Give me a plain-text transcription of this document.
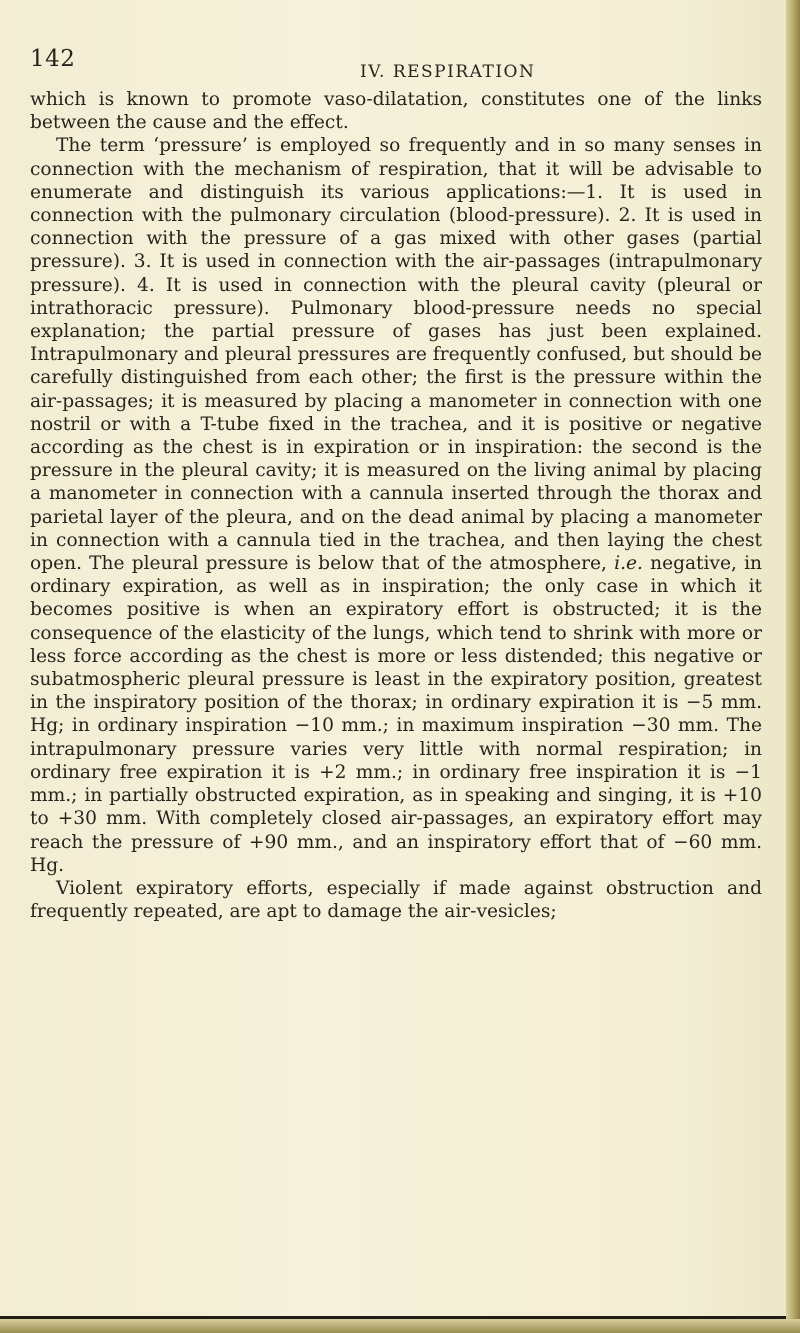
142	IV. RESPIRATION

which is known to promote vaso-dilatation, constitutes one of the links between the cause and the effect.

The term ‘pressure’ is employed so frequently and in so many senses in connection with the mechanism of respiration, that it will be advisable to enumerate and distinguish its various applications:—1. It is used in connection with the pulmonary circulation (blood-pressure). 2. It is used in connection with the pressure of a gas mixed with other gases (partial pressure). 3. It is used in connection with the air-passages (intrapulmonary pressure). 4. It is used in connection with the pleural cavity (pleural or intrathoracic pressure). Pulmonary blood-pressure needs no special explanation; the partial pressure of gases has just been explained. Intrapulmonary and pleural pressures are frequently confused, but should be carefully distinguished from each other; the first is the pressure within the air-passages; it is measured by placing a manometer in connection with one nostril or with a T-tube fixed in the trachea, and it is positive or negative according as the chest is in expiration or in inspiration: the second is the pressure in the pleural cavity; it is measured on the living animal by placing a manometer in connection with a cannula inserted through the thorax and parietal layer of the pleura, and on the dead animal by placing a manometer in connection with a cannula tied in the trachea, and then laying the chest open. The pleural pressure is below that of the atmosphere, i.e. negative, in ordinary expiration, as well as in inspiration; the only case in which it becomes positive is when an expiratory effort is obstructed; it is the consequence of the elasticity of the lungs, which tend to shrink with more or less force according as the chest is more or less distended; this negative or subatmospheric pleural pressure is least in the expiratory position, greatest in the inspiratory position of the thorax; in ordinary expiration it is −5 mm. Hg; in ordinary inspiration −10 mm.; in maximum inspiration −30 mm. The intrapulmonary pressure varies very little with normal respiration; in ordinary free expiration it is +2 mm.; in ordinary free inspiration it is −1 mm.; in partially obstructed expiration, as in speaking and singing, it is +10 to +30 mm. With completely closed air-passages, an expiratory effort may reach the pressure of +90 mm., and an inspiratory effort that of −60 mm. Hg.

Violent expiratory efforts, especially if made against obstruction and frequently repeated, are apt to damage the air-vesicles;
